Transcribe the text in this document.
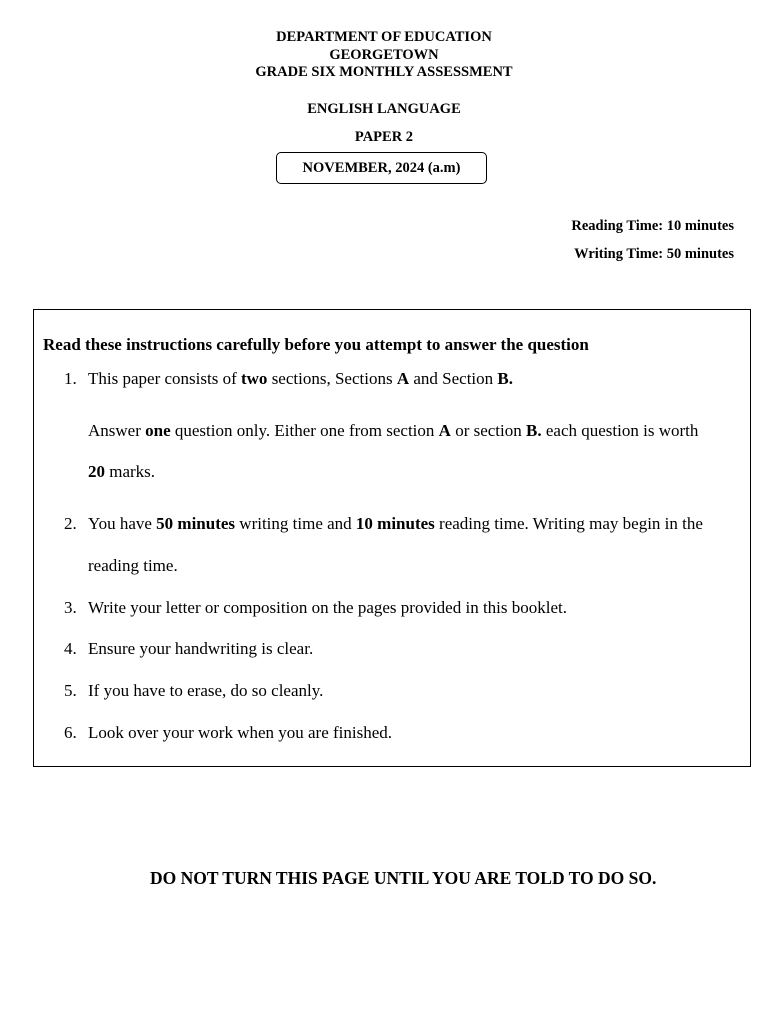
DEPARTMENT OF EDUCATION
GEORGETOWN
GRADE SIX MONTHLY ASSESSMENT
ENGLISH LANGUAGE
PAPER 2
NOVEMBER, 2024 (a.m)
Reading Time: 10 minutes
Writing Time: 50 minutes
Read these instructions carefully before you attempt to answer the question
1. This paper consists of two sections, Sections A and Section B.
Answer one question only. Either one from section A or section B. each question is worth
20 marks.
2. You have 50 minutes writing time and 10 minutes reading time. Writing may begin in the
reading time.
3. Write your letter or composition on the pages provided in this booklet.
4. Ensure your handwriting is clear.
5. If you have to erase, do so cleanly.
6. Look over your work when you are finished.
DO NOT TURN THIS PAGE UNTIL YOU ARE TOLD TO DO SO.
